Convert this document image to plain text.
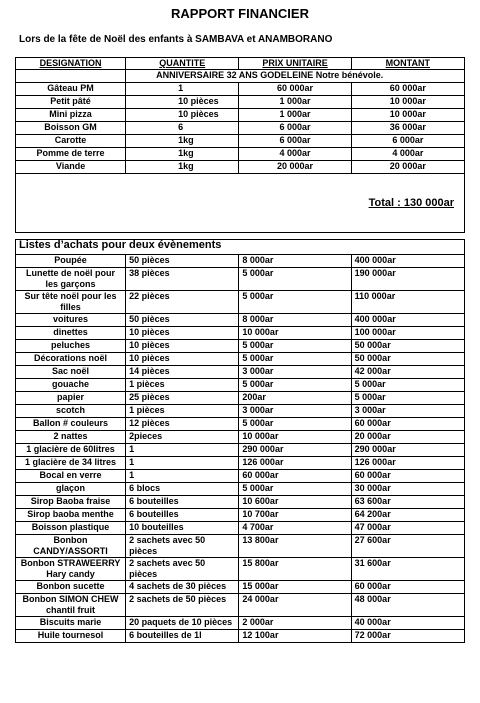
RAPPORT FINANCIER
Lors de la fête de Noël des enfants à SAMBAVA et ANAMBORANO
DESIGNATION	QUANTITE	PRIX UNITAIRE	MONTANT
	ANNIVERSAIRE 32 ANS GODELEINE Notre bénévole.		
Gâteau PM	1	60 000ar	60 000ar
Petit pâté	10 pièces	1 000ar	10 000ar
Mini pizza	10 pièces	1 000ar	10 000ar
Boisson GM	6	6 000ar	36 000ar
Carotte	1kg	6 000ar	6 000ar
Pomme de terre	1kg	4 000ar	4 000ar
Viande	1kg	20 000ar	20 000ar
Total : 130 000ar			
Listes d’achats pour deux évènements			
Poupée	50 pièces	8 000ar	400 000ar
Lunette de noël pour les garçons	38 pièces	5 000ar	190 000ar
Sur tête noël pour les filles	22 pièces	5 000ar	110 000ar
voitures	50 pièces	8 000ar	400 000ar
dinettes	10 pièces	10 000ar	100 000ar
peluches	10 pièces	5 000ar	50 000ar
Décorations noël	10 pièces	5 000ar	50 000ar
Sac noël	14 pièces	3 000ar	42 000ar
gouache	1 pièces	5 000ar	5 000ar
papier	25 pièces	200ar	5 000ar
scotch	1 pièces	3 000ar	3 000ar
Ballon # couleurs	12 pièces	5 000ar	60 000ar
2 nattes	2pieces	10 000ar	20 000ar
1 glacière de 60litres	1	290 000ar	290 000ar
1 glacière de 34 litres	1	126 000ar	126 000ar
Bocal en verre	1	60 000ar	60 000ar
glaçon	6 blocs	5 000ar	30 000ar
Sirop Baoba fraise	6 bouteilles	10 600ar	63 600ar
Sirop baoba menthe	6 bouteilles	10 700ar	64 200ar
Boisson plastique	10 bouteilles	4 700ar	47 000ar
Bonbon CANDY/ASSORTI	2 sachets avec 50 pièces	13 800ar	27 600ar
Bonbon STRAWEERRY Hary candy	2 sachets avec 50 pièces	15 800ar	31 600ar
Bonbon sucette	4 sachets de 30 pièces	15 000ar	60 000ar
Bonbon SIMON CHEW chantil fruit	2 sachets de 50 pièces	24 000ar	48 000ar
Biscuits marie	20 paquets de 10 pièces	2 000ar	40 000ar
Huile tournesol	6 bouteilles de 1l	12 100ar	72 000ar
